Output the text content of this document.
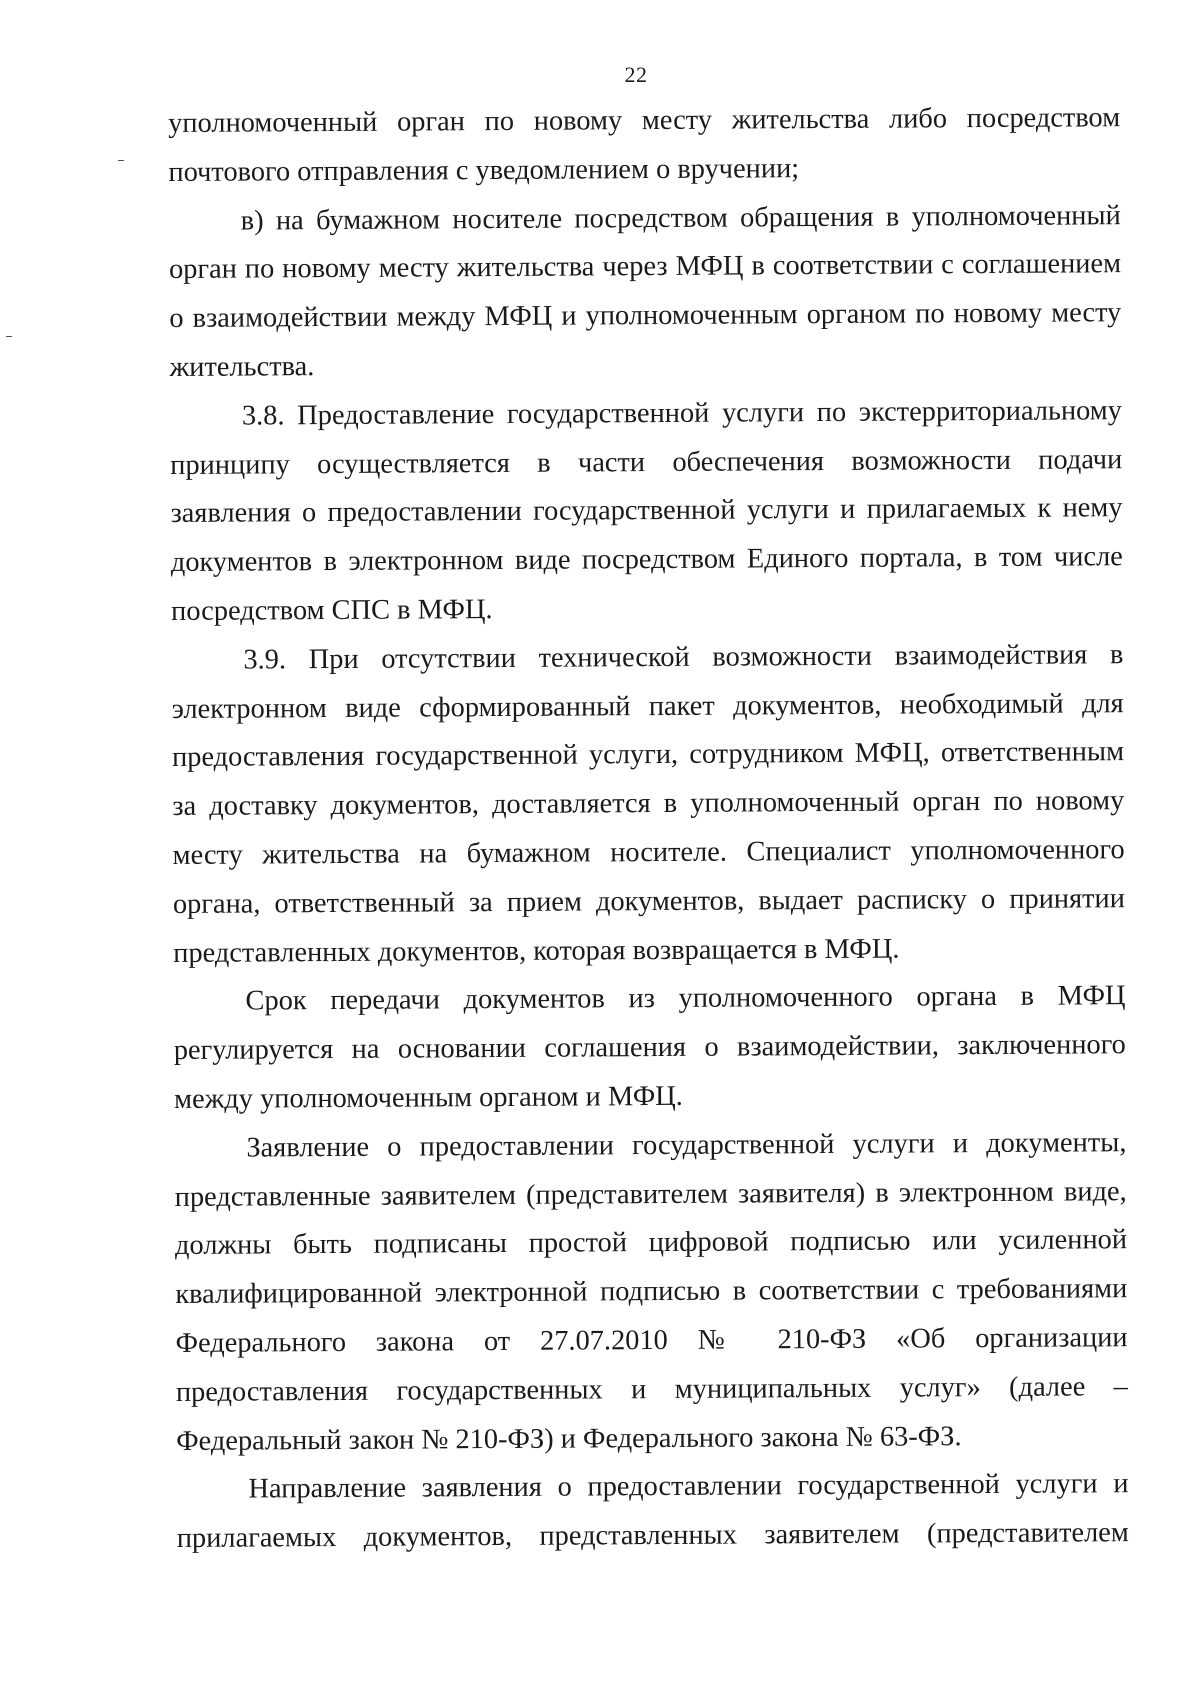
22

уполномоченный орган по новому месту жительства либо посредством почтового отправления с уведомлением о вручении;

в) на бумажном носителе посредством обращения в уполномоченный орган по новому месту жительства через МФЦ в соответствии с соглашением о взаимодействии между МФЦ и уполномоченным органом по новому месту жительства.

3.8. Предоставление государственной услуги по экстерриториальному принципу осуществляется в части обеспечения возможности подачи заявления о предоставлении государственной услуги и прилагаемых к нему документов в электронном виде посредством Единого портала, в том числе посредством СПС в МФЦ.

3.9. При отсутствии технической возможности взаимодействия в электронном виде сформированный пакет документов, необходимый для предоставления государственной услуги, сотрудником МФЦ, ответственным за доставку документов, доставляется в уполномоченный орган по новому месту жительства на бумажном носителе. Специалист уполномоченного органа, ответственный за прием документов, выдает расписку о принятии представленных документов, которая возвращается в МФЦ.

Срок передачи документов из уполномоченного органа в МФЦ регулируется на основании соглашения о взаимодействии, заключенного между уполномоченным органом и МФЦ.

Заявление о предоставлении государственной услуги и документы, представленные заявителем (представителем заявителя) в электронном виде, должны быть подписаны простой цифровой подписью или усиленной квалифицированной электронной подписью в соответствии с требованиями Федерального закона от 27.07.2010 № 210-ФЗ «Об организации предоставления государственных и муниципальных услуг» (далее – Федеральный закон № 210-ФЗ) и Федерального закона № 63-ФЗ.

Направление заявления о предоставлении государственной услуги и прилагаемых документов, представленных заявителем (представителем
